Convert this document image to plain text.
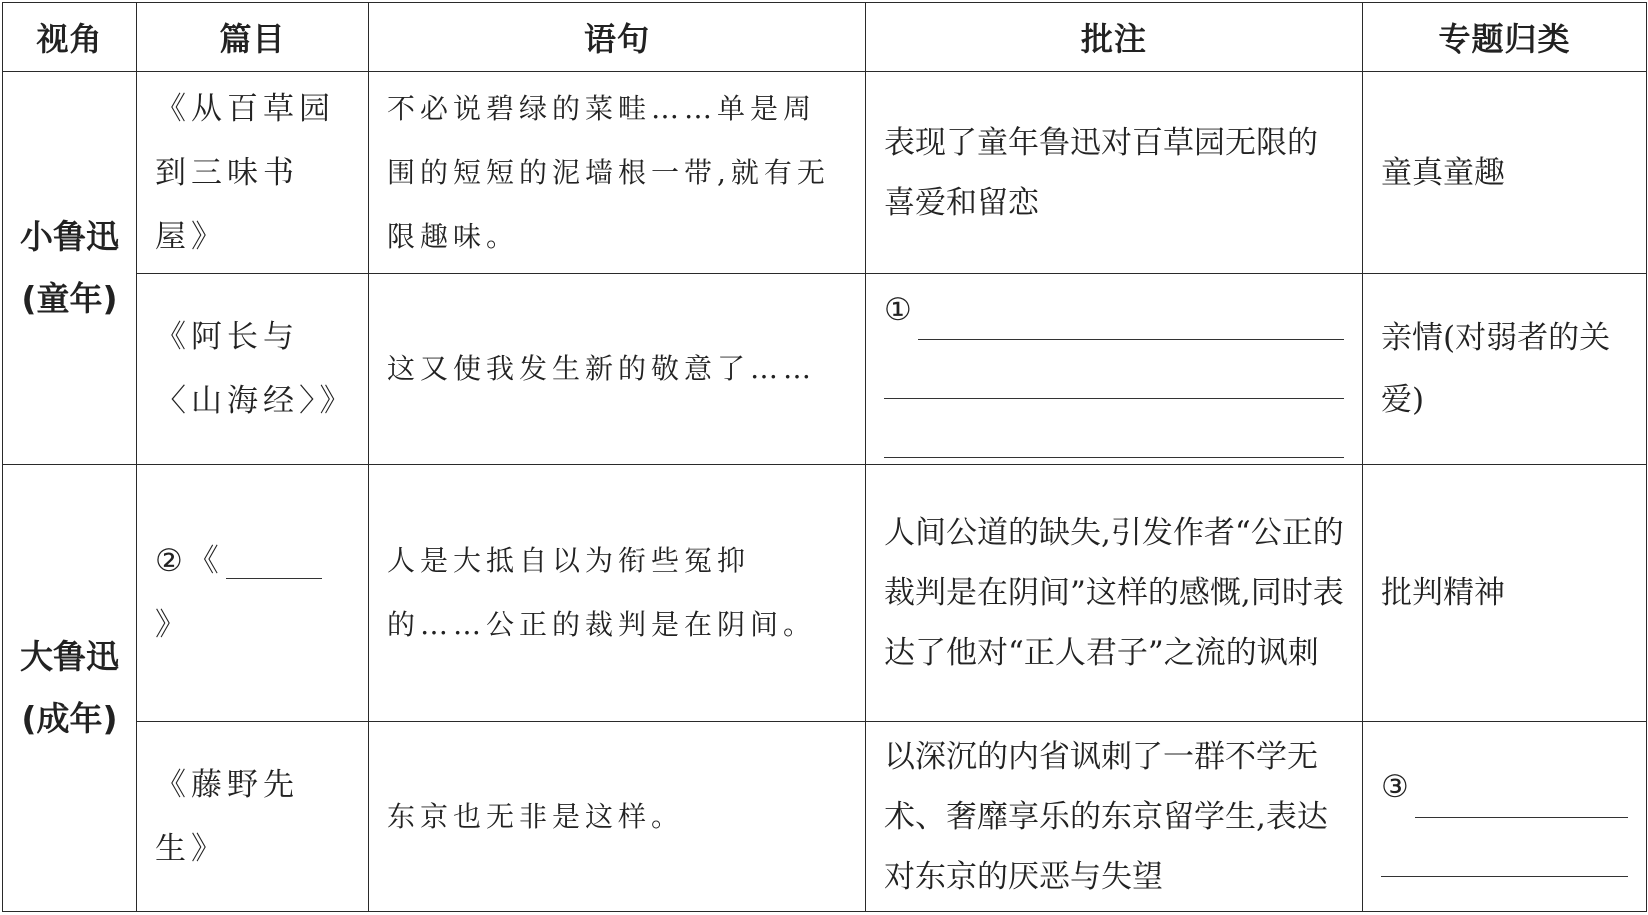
视角	篇目	语句	批注	专题归类

小鲁迅
(童年)	《从百草园到三味书屋》	不必说碧绿的菜畦……单是周围的短短的泥墙根一带,就有无限趣味。	表现了童年鲁迅对百草园无限的喜爱和留恋	童真童趣
	《阿长与〈山海经〉》	这又使我发生新的敬意了……	①	亲情(对弱者的关爱)

大鲁迅
(成年)	②《》	人是大抵自以为衔些冤抑的……公正的裁判是在阴间。	人间公道的缺失,引发作者“公正的裁判是在阴间”这样的感慨,同时表达了他对“正人君子”之流的讽刺	批判精神
	《藤野先生》	东京也无非是这样。	以深沉的内省讽刺了一群不学无术、奢靡享乐的东京留学生,表达对东京的厌恶与失望	③
